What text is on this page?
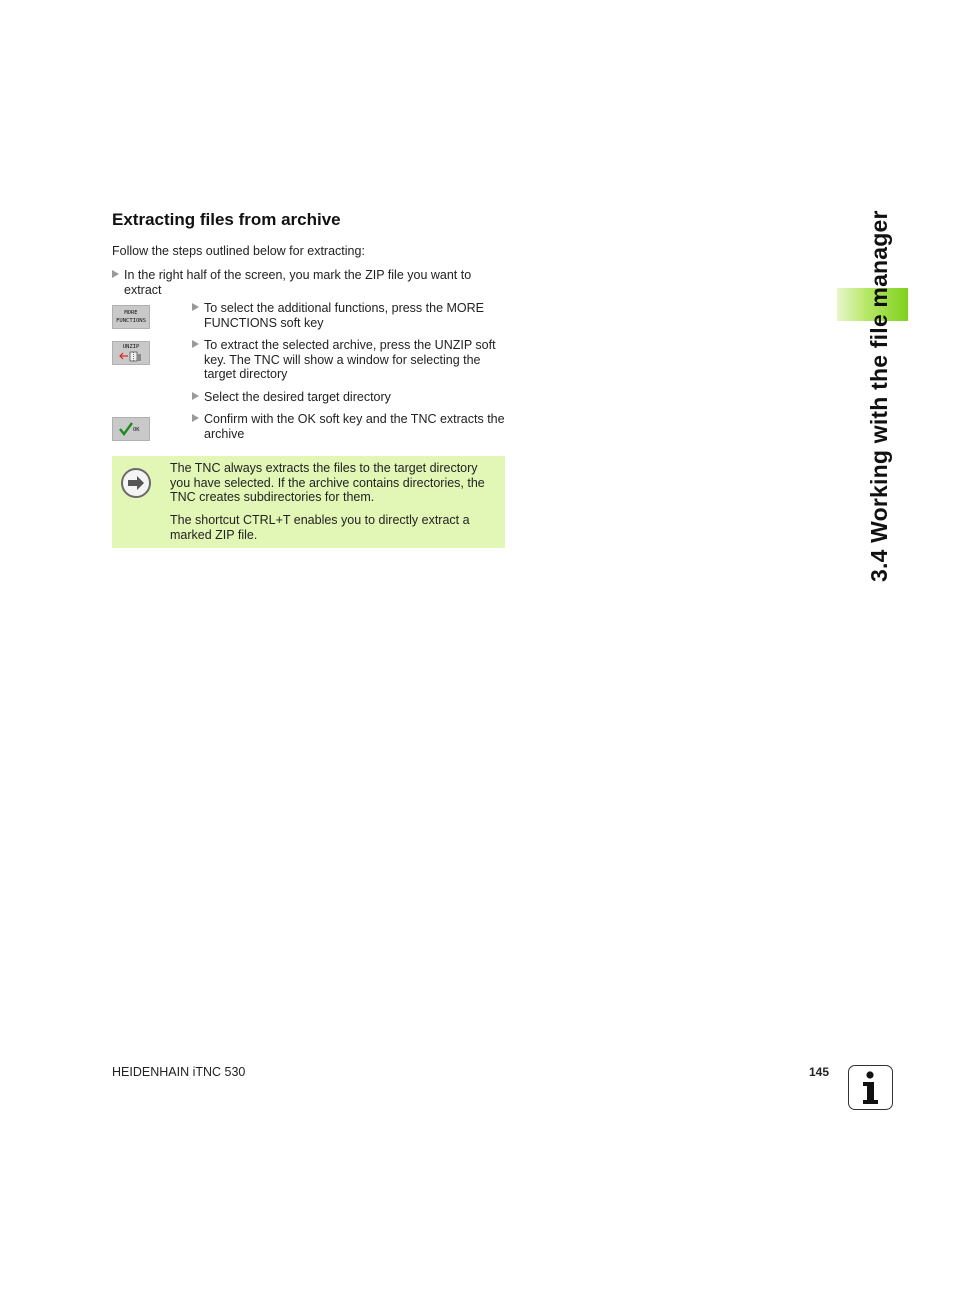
Extracting files from archive
Follow the steps outlined below for extracting:
In the right half of the screen, you mark the ZIP file you want to extract
MORE
FUNCTIONS
To select the additional functions, press the MORE FUNCTIONS soft key
UNZIP	To extract the selected archive, press the UNZIP soft key. The TNC will show a window for selecting the target directory
Select the desired target directory
OK
Confirm with the OK soft key and the TNC extracts the archive

The TNC always extracts the files to the target directory you have selected. If the archive contains directories, the TNC creates subdirectories for them.

The shortcut CTRL+T enables you to directly extract a marked ZIP file.	3.4 Working with the file manager
HEIDENHAIN iTNC 530	145
